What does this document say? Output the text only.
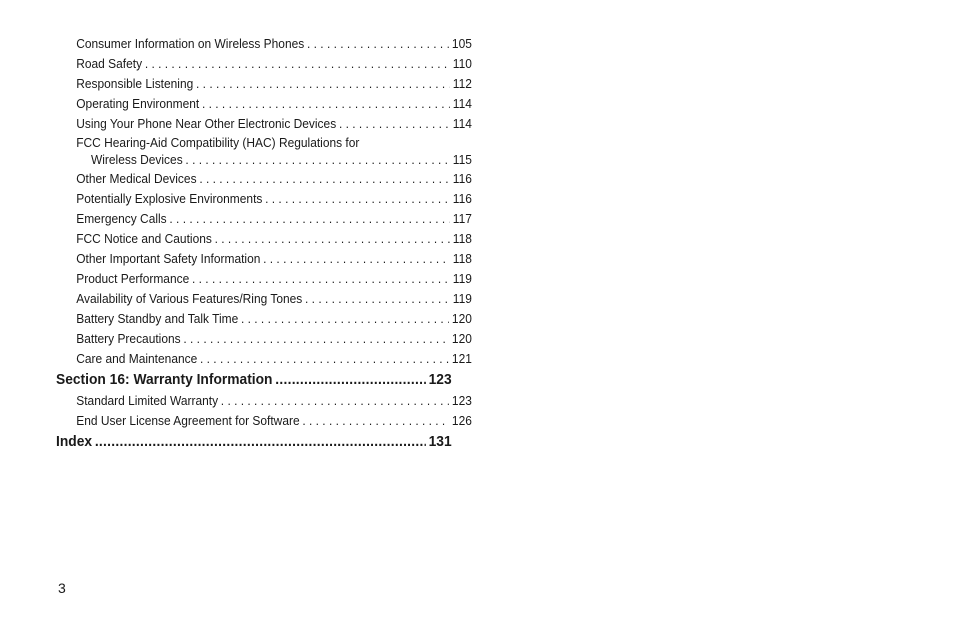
Consumer Information on Wireless Phones . . .	105
Road Safety . . .	110
Responsible Listening . . .	112
Operating Environment . . .	114
Using Your Phone Near Other Electronic Devices . . .	114
FCC Hearing-Aid Compatibility (HAC) Regulations for
Wireless Devices . . .	115
Other Medical Devices . . .	116
Potentially Explosive Environments . . .	116
Emergency Calls . . .	117
FCC Notice and Cautions . . .	118
Other Important Safety Information . . .	118
Product Performance . . .	119
Availability of Various Features/Ring Tones . . .	119
Battery Standby and Talk Time . . .	120
Battery Precautions . . .	120
Care and Maintenance . . .	121
Section 16: Warranty Information .....	123
Standard Limited Warranty . . .	123
End User License Agreement for Software . . .	126
Index .....	131
3
